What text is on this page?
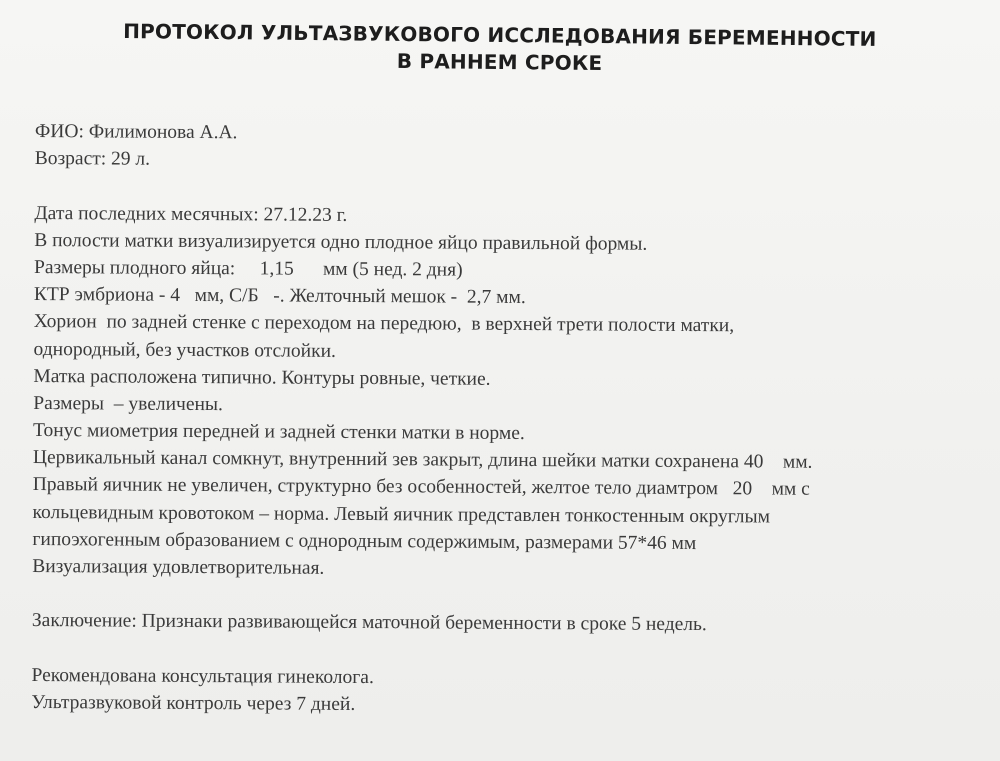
ПРОТОКОЛ УЛЬТАЗВУКОВОГО ИССЛЕДОВАНИЯ БЕРЕМЕННОСТИ
В РАННЕМ СРОКЕ
ФИО: Филимонова А.А.
Возраст: 29 л.
Дата последних месячных: 27.12.23 г.
В полости матки визуализируется одно плодное яйцо правильной формы.
Размеры плодного яйца:     1,15      мм (5 нед. 2 дня)
КТР эмбриона - 4   мм, С/Б   -. Желточный мешок -  2,7 мм.
Хорион  по задней стенке с переходом на передюю,  в верхней трети полости матки,
однородный, без участков отслойки.
Матка расположена типично. Контуры ровные, четкие.
Размеры  – увеличены.
Тонус миометрия передней и задней стенки матки в норме.
Цервикальный канал сомкнут, внутренний зев закрыт, длина шейки матки сохранена 40    мм.
Правый яичник не увеличен, структурно без особенностей, желтое тело диамтром   20    мм с
кольцевидным кровотоком – норма. Левый яичник представлен тонкостенным округлым
гипоэхогенным образованием с однородным содержимым, размерами 57*46 мм
Визуализация удовлетворительная.
Заключение: Признаки развивающейся маточной беременности в сроке 5 недель.
Рекомендована консультация гинеколога.
Ультразвуковой контроль через 7 дней.
